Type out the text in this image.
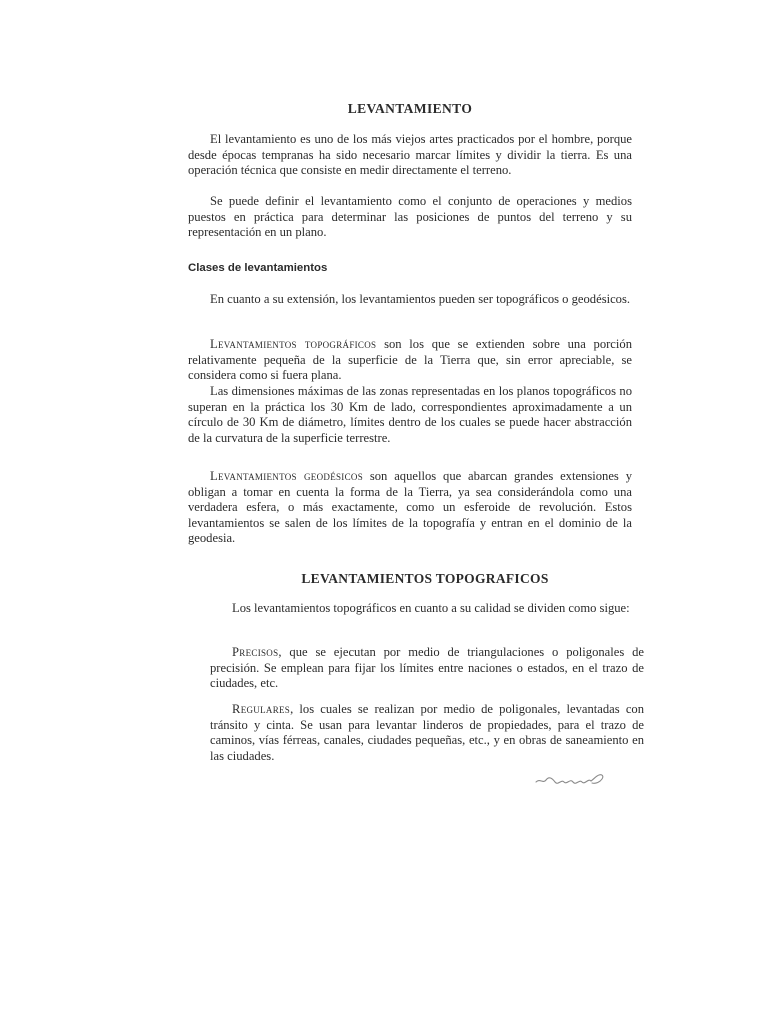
LEVANTAMIENTO

El levantamiento es uno de los más viejos artes practicados por el hombre, porque desde épocas tempranas ha sido necesario marcar límites y dividir la tierra. Es una operación técnica que consiste en medir directamente el terreno.

Se puede definir el levantamiento como el conjunto de operaciones y medios puestos en práctica para determinar las posiciones de puntos del terreno y su representación en un plano.

Clases de levantamientos

En cuanto a su extensión, los levantamientos pueden ser topográficos o geodésicos.

Levantamientos topográficos son los que se extienden sobre una porción relativamente pequeña de la superficie de la Tierra que, sin error apreciable, se considera como si fuera plana.

Las dimensiones máximas de las zonas representadas en los planos topográficos no superan en la práctica los 30 Km de lado, correspondientes aproximadamente a un círculo de 30 Km de diámetro, límites dentro de los cuales se puede hacer abstracción de la curvatura de la superficie terrestre.

Levantamientos geodésicos son aquellos que abarcan grandes extensiones y obligan a tomar en cuenta la forma de la Tierra, ya sea considerándola como una verdadera esfera, o más exactamente, como un esferoide de revolución. Estos levantamientos se salen de los límites de la topografía y entran en el dominio de la geodesia.

LEVANTAMIENTOS TOPOGRAFICOS

Los levantamientos topográficos en cuanto a su calidad se dividen como sigue:

Precisos, que se ejecutan por medio de triangulaciones o poligonales de precisión. Se emplean para fijar los límites entre naciones o estados, en el trazo de ciudades, etc.

Regulares, los cuales se realizan por medio de poligonales, levantadas con tránsito y cinta. Se usan para levantar linderos de propiedades, para el trazo de caminos, vías férreas, canales, ciudades pequeñas, etc., y en obras de saneamiento en las ciudades.
